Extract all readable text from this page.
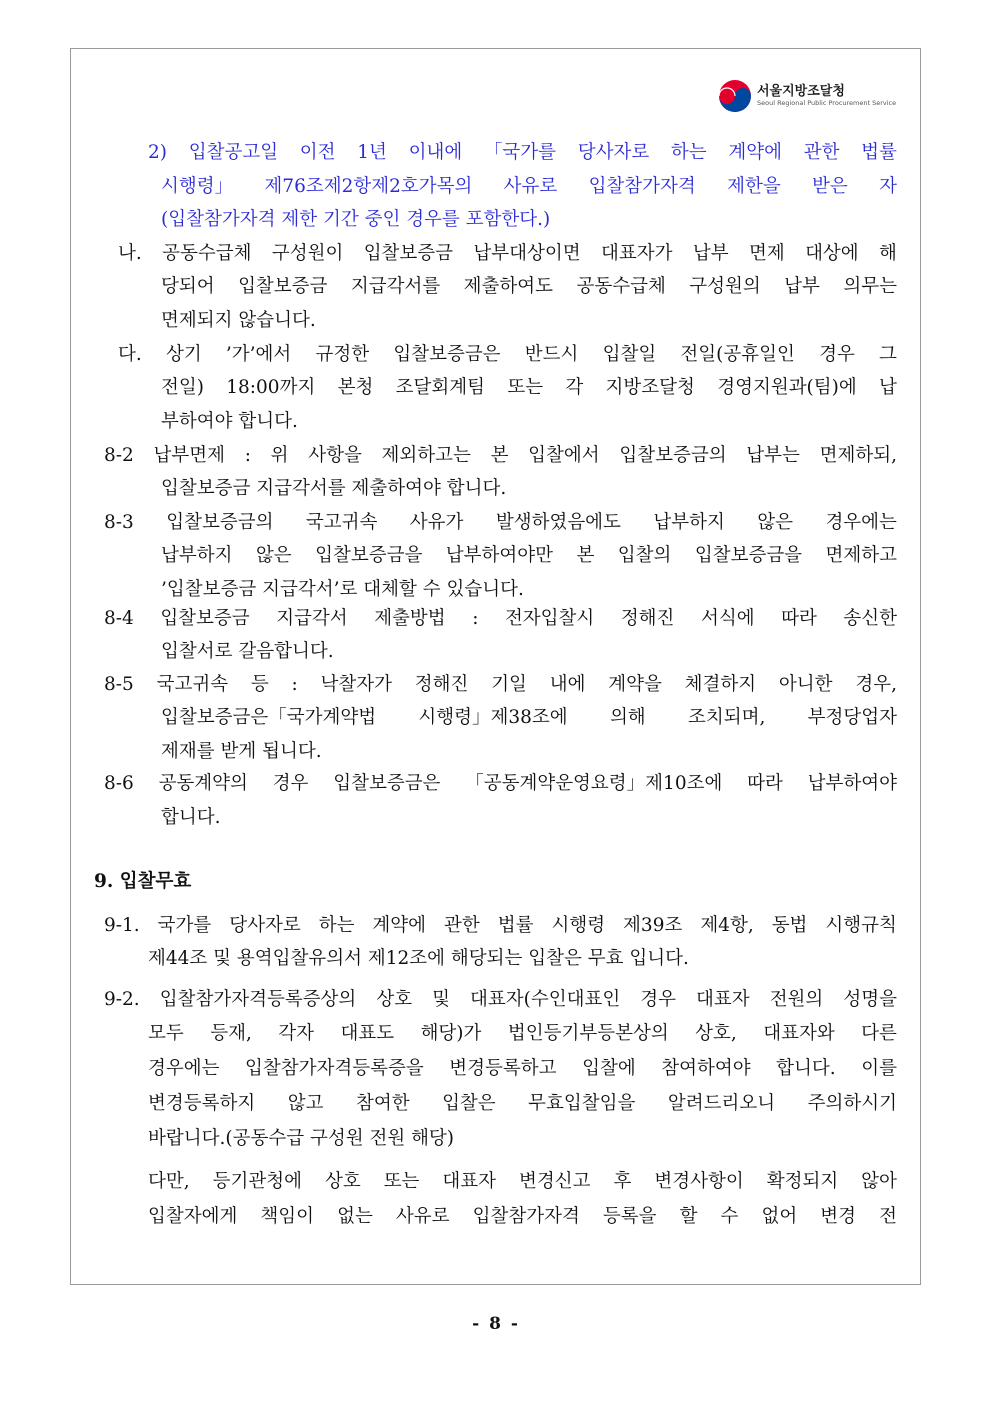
서울지방조달청
Seoul Regional Public Procurement Service
2) 입찰공고일 이전 1년 이내에 「국가를 당사자로 하는 계약에 관한 법률
시행령」 제76조제2항제2호가목의 사유로 입찰참가자격 제한을 받은 자
(입찰참가자격 제한 기간 중인 경우를 포함한다.)
나. 공동수급체 구성원이 입찰보증금 납부대상이면 대표자가 납부 면제 대상에 해
당되어 입찰보증금 지급각서를 제출하여도 공동수급체 구성원의 납부 의무는
면제되지 않습니다.
다. 상기 ’가’에서 규정한 입찰보증금은 반드시 입찰일 전일(공휴일인 경우 그
전일) 18:00까지 본청 조달회계팀 또는 각 지방조달청 경영지원과(팀)에 납
부하여야 합니다.
8-2 납부면제 : 위 사항을 제외하고는 본 입찰에서 입찰보증금의 납부는 면제하되,
입찰보증금 지급각서를 제출하여야 합니다.
8-3 입찰보증금의 국고귀속 사유가 발생하였음에도 납부하지 않은 경우에는
납부하지 않은 입찰보증금을 납부하여야만 본 입찰의 입찰보증금을 면제하고
’입찰보증금 지급각서’로 대체할 수 있습니다.
8-4 입찰보증금 지급각서 제출방법 : 전자입찰시 정해진 서식에 따라 송신한
입찰서로 갈음합니다.
8-5 국고귀속 등 : 낙찰자가 정해진 기일 내에 계약을 체결하지 아니한 경우,
입찰보증금은「국가계약법 시행령」제38조에 의해 조치되며, 부정당업자
제재를 받게 됩니다.
8-6 공동계약의 경우 입찰보증금은 「공동계약운영요령」제10조에 따라 납부하여야
합니다.
9. 입찰무효
9-1. 국가를 당사자로 하는 계약에 관한 법률 시행령 제39조 제4항, 동법 시행규칙
제44조 및 용역입찰유의서 제12조에 해당되는 입찰은 무효 입니다.
9-2. 입찰참가자격등록증상의 상호 및 대표자(수인대표인 경우 대표자 전원의 성명을
모두 등재, 각자 대표도 해당)가 법인등기부등본상의 상호, 대표자와 다른
경우에는 입찰참가자격등록증을 변경등록하고 입찰에 참여하여야 합니다. 이를
변경등록하지 않고 참여한 입찰은 무효입찰임을 알려드리오니 주의하시기
바랍니다.(공동수급 구성원 전원 해당)
다만, 등기관청에 상호 또는 대표자 변경신고 후 변경사항이 확정되지 않아
입찰자에게 책임이 없는 사유로 입찰참가자격 등록을 할 수 없어 변경 전
- 8 -
